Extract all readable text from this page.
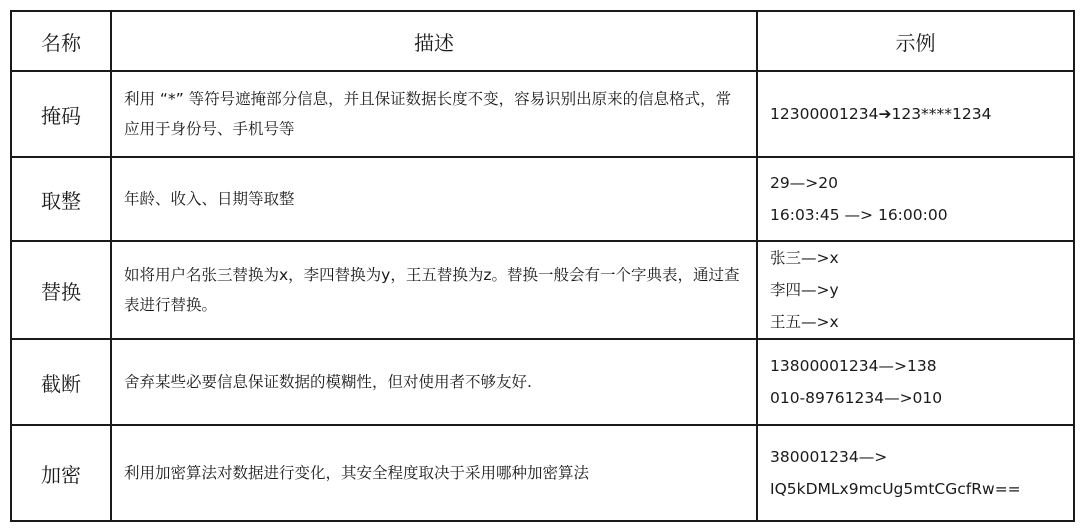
名称	描述	示例
掩码	利用 “*” 等符号遮掩部分信息，并且保证数据长度不变，容易识别出原来的信息格式，常应用于身份号、手机号等	12300001234➔123****1234

取整	年龄、收入、日期等取整	29—>20
16:03:45 —> 16:00:00

替换	如将用户名张三替换为x，李四替换为y，王五替换为z。替换一般会有一个字典表，通过查表进行替换。	张三—>x
李四—>y
王五—>x

截断	舍弃某些必要信息保证数据的模糊性，但对使用者不够友好.	13800001234—>138
010-89761234—>010

加密	利用加密算法对数据进行变化，其安全程度取决于采用哪种加密算法	380001234—>
IQ5kDMLx9mcUg5mtCGcfRw==
